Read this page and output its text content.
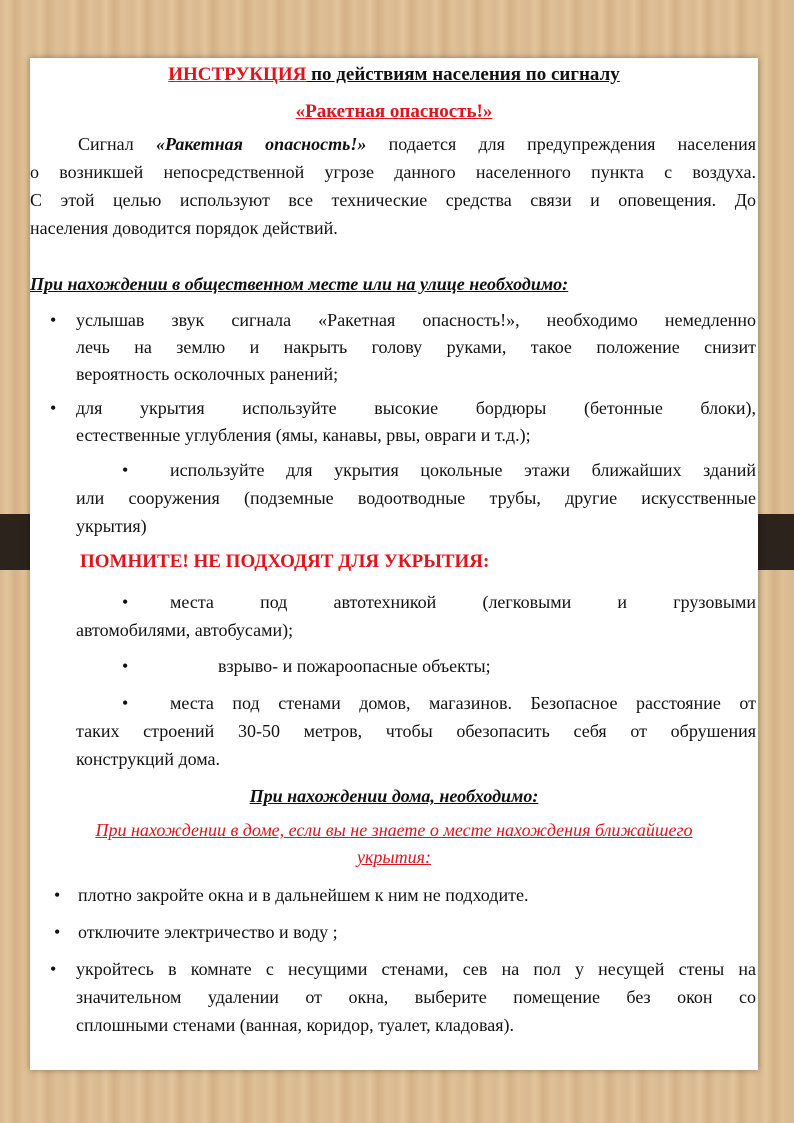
ИНСТРУКЦИЯ по действиям населения по сигналу

«Ракетная опасность!»

Сигнал «Ракетная опасность!» подается для предупреждения населения

о возникшей непосредственной угрозе данного населенного пункта с воздуха.

С этой целью используют все технические средства связи и оповещения. До

населения доводится порядок действий.

При нахождении в общественном месте или на улице необходимо:

• услышав звук сигнала «Ракетная опасность!», необходимо немедленно

лечь на землю и накрыть голову руками, такое положение снизит

вероятность осколочных ранений;

• для укрытия используйте высокие бордюры (бетонные блоки),

естественные углубления (ямы, канавы, рвы, овраги и т.д.);

• используйте для укрытия цокольные этажи ближайших зданий

или сооружения (подземные водоотводные трубы, другие искусственные

укрытия)

ПОМНИТЕ! НЕ ПОДХОДЯТ ДЛЯ УКРЫТИЯ:

• места под автотехникой (легковыми и грузовыми

автомобилями, автобусами);

•	взрыво- и пожароопасные объекты;

• места под стенами домов, магазинов. Безопасное расстояние от

таких строений 30-50 метров, чтобы обезопасить себя от обрушения

конструкций дома.

При нахождении дома, необходимо:

При нахождении в доме, если вы не знаете о месте нахождения ближайшего

укрытия:

• плотно закройте окна и в дальнейшем к ним не подходите.

• отключите электричество и воду ;

• укройтесь в комнате с несущими стенами, сев на пол у несущей стены на

значительном удалении от окна, выберите помещение без окон со

сплошными стенами (ванная, коридор, туалет, кладовая).
